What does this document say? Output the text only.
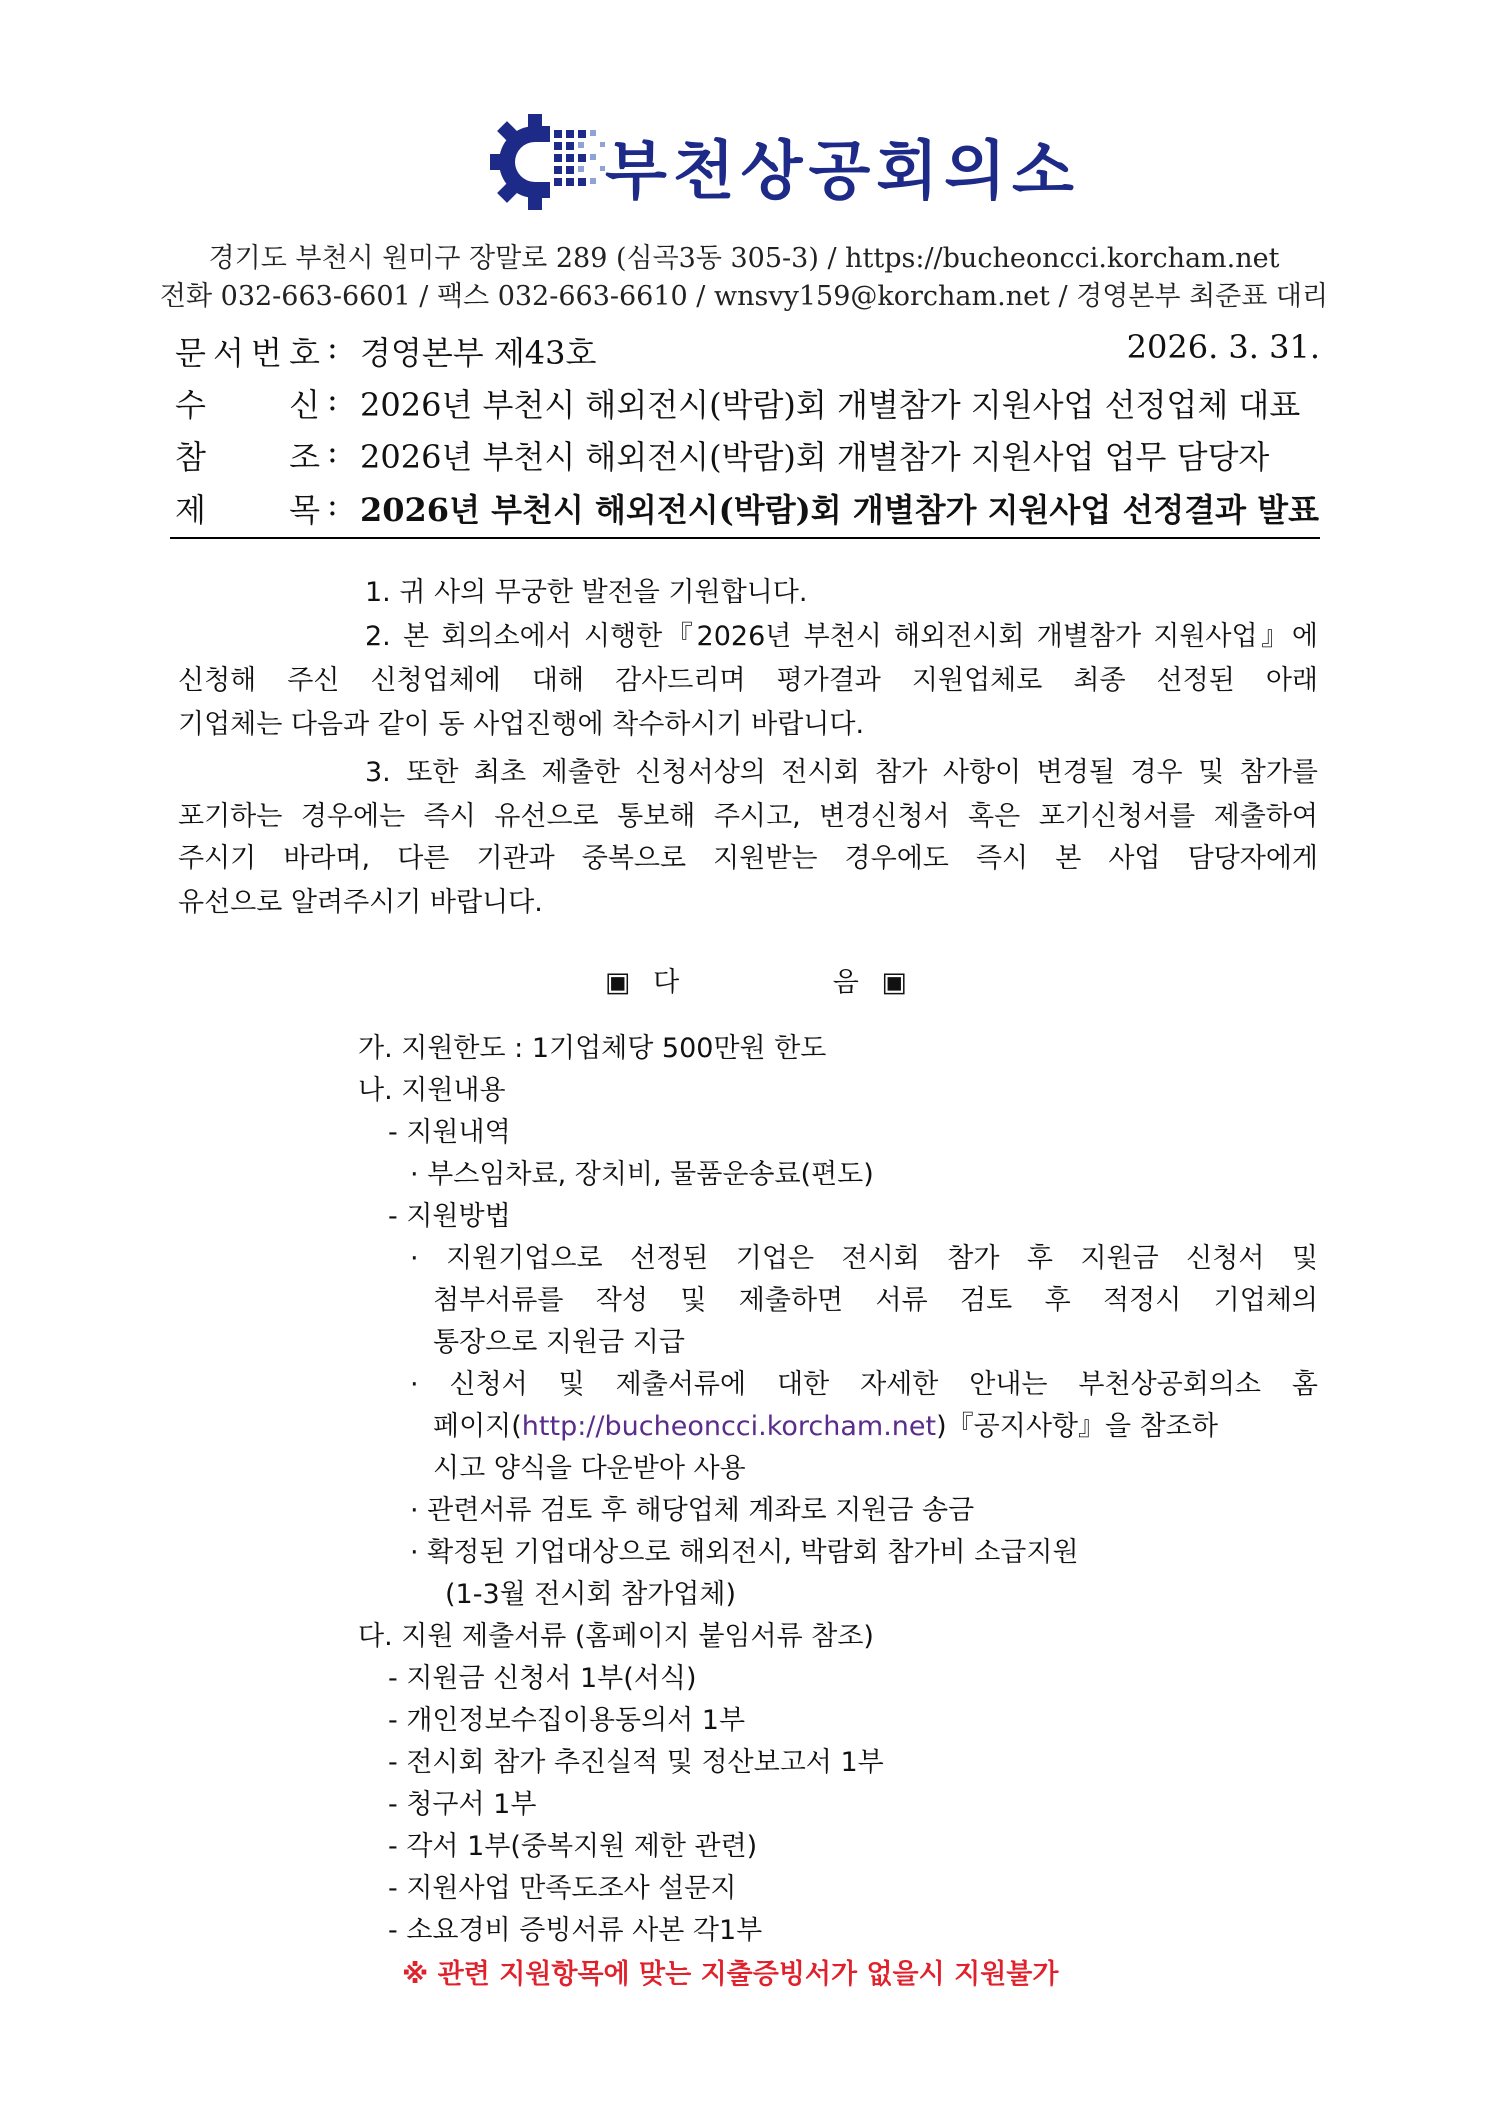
부천상공회의소
경기도 부천시 원미구 장말로 289 (심곡3동 305-3) / https://bucheoncci.korcham.net
전화 032-663-6601 / 팩스 032-663-6610 / wnsvy159@korcham.net / 경영본부 최준표 대리
문 서 번 호 : 경영본부 제43호	2026. 3. 31.
수	신 : 2026년 부천시 해외전시(박람)회 개별참가 지원사업 선정업체 대표
참	조 : 2026년 부천시 해외전시(박람)회 개별참가 지원사업 업무 담당자
제	목 : 2026년 부천시 해외전시(박람)회 개별참가 지원사업 선정결과 발표
1. 귀 사의 무궁한 발전을 기원합니다.
2. 본 회의소에서 시행한『2026년 부천시 해외전시회 개별참가 지원사업』에
신청해 주신 신청업체에 대해 감사드리며 평가결과 지원업체로 최종 선정된 아래
기업체는 다음과 같이 동 사업진행에 착수하시기 바랍니다.
3. 또한 최초 제출한 신청서상의 전시회 참가 사항이 변경될 경우 및 참가를
포기하는 경우에는 즉시 유선으로 통보해 주시고, 변경신청서 혹은 포기신청서를 제출하여
주시기 바라며, 다른 기관과 중복으로 지원받는 경우에도 즉시 본 사업 담당자에게
유선으로 알려주시기 바랍니다.
▣ 다	음 ▣
가. 지원한도 : 1기업체당 500만원 한도
나. 지원내용
- 지원내역
· 부스임차료, 장치비, 물품운송료(편도)
- 지원방법
· 지원기업으로 선정된 기업은 전시회 참가 후 지원금 신청서 및
첨부서류를 작성 및 제출하면 서류 검토 후 적정시 기업체의
통장으로 지원금 지급
· 신청서 및 제출서류에 대한 자세한 안내는 부천상공회의소 홈
페이지(http://bucheoncci.korcham.net)『공지사항』을 참조하
시고 양식을 다운받아 사용
· 관련서류 검토 후 해당업체 계좌로 지원금 송금
· 확정된 기업대상으로 해외전시, 박람회 참가비 소급지원
(1-3월 전시회 참가업체)
다. 지원 제출서류 (홈페이지 붙임서류 참조)
- 지원금 신청서 1부(서식)
- 개인정보수집이용동의서 1부
- 전시회 참가 추진실적 및 정산보고서 1부
- 청구서 1부
- 각서 1부(중복지원 제한 관련)
- 지원사업 만족도조사 설문지
- 소요경비 증빙서류 사본 각1부
※ 관련 지원항목에 맞는 지출증빙서가 없을시 지원불가
